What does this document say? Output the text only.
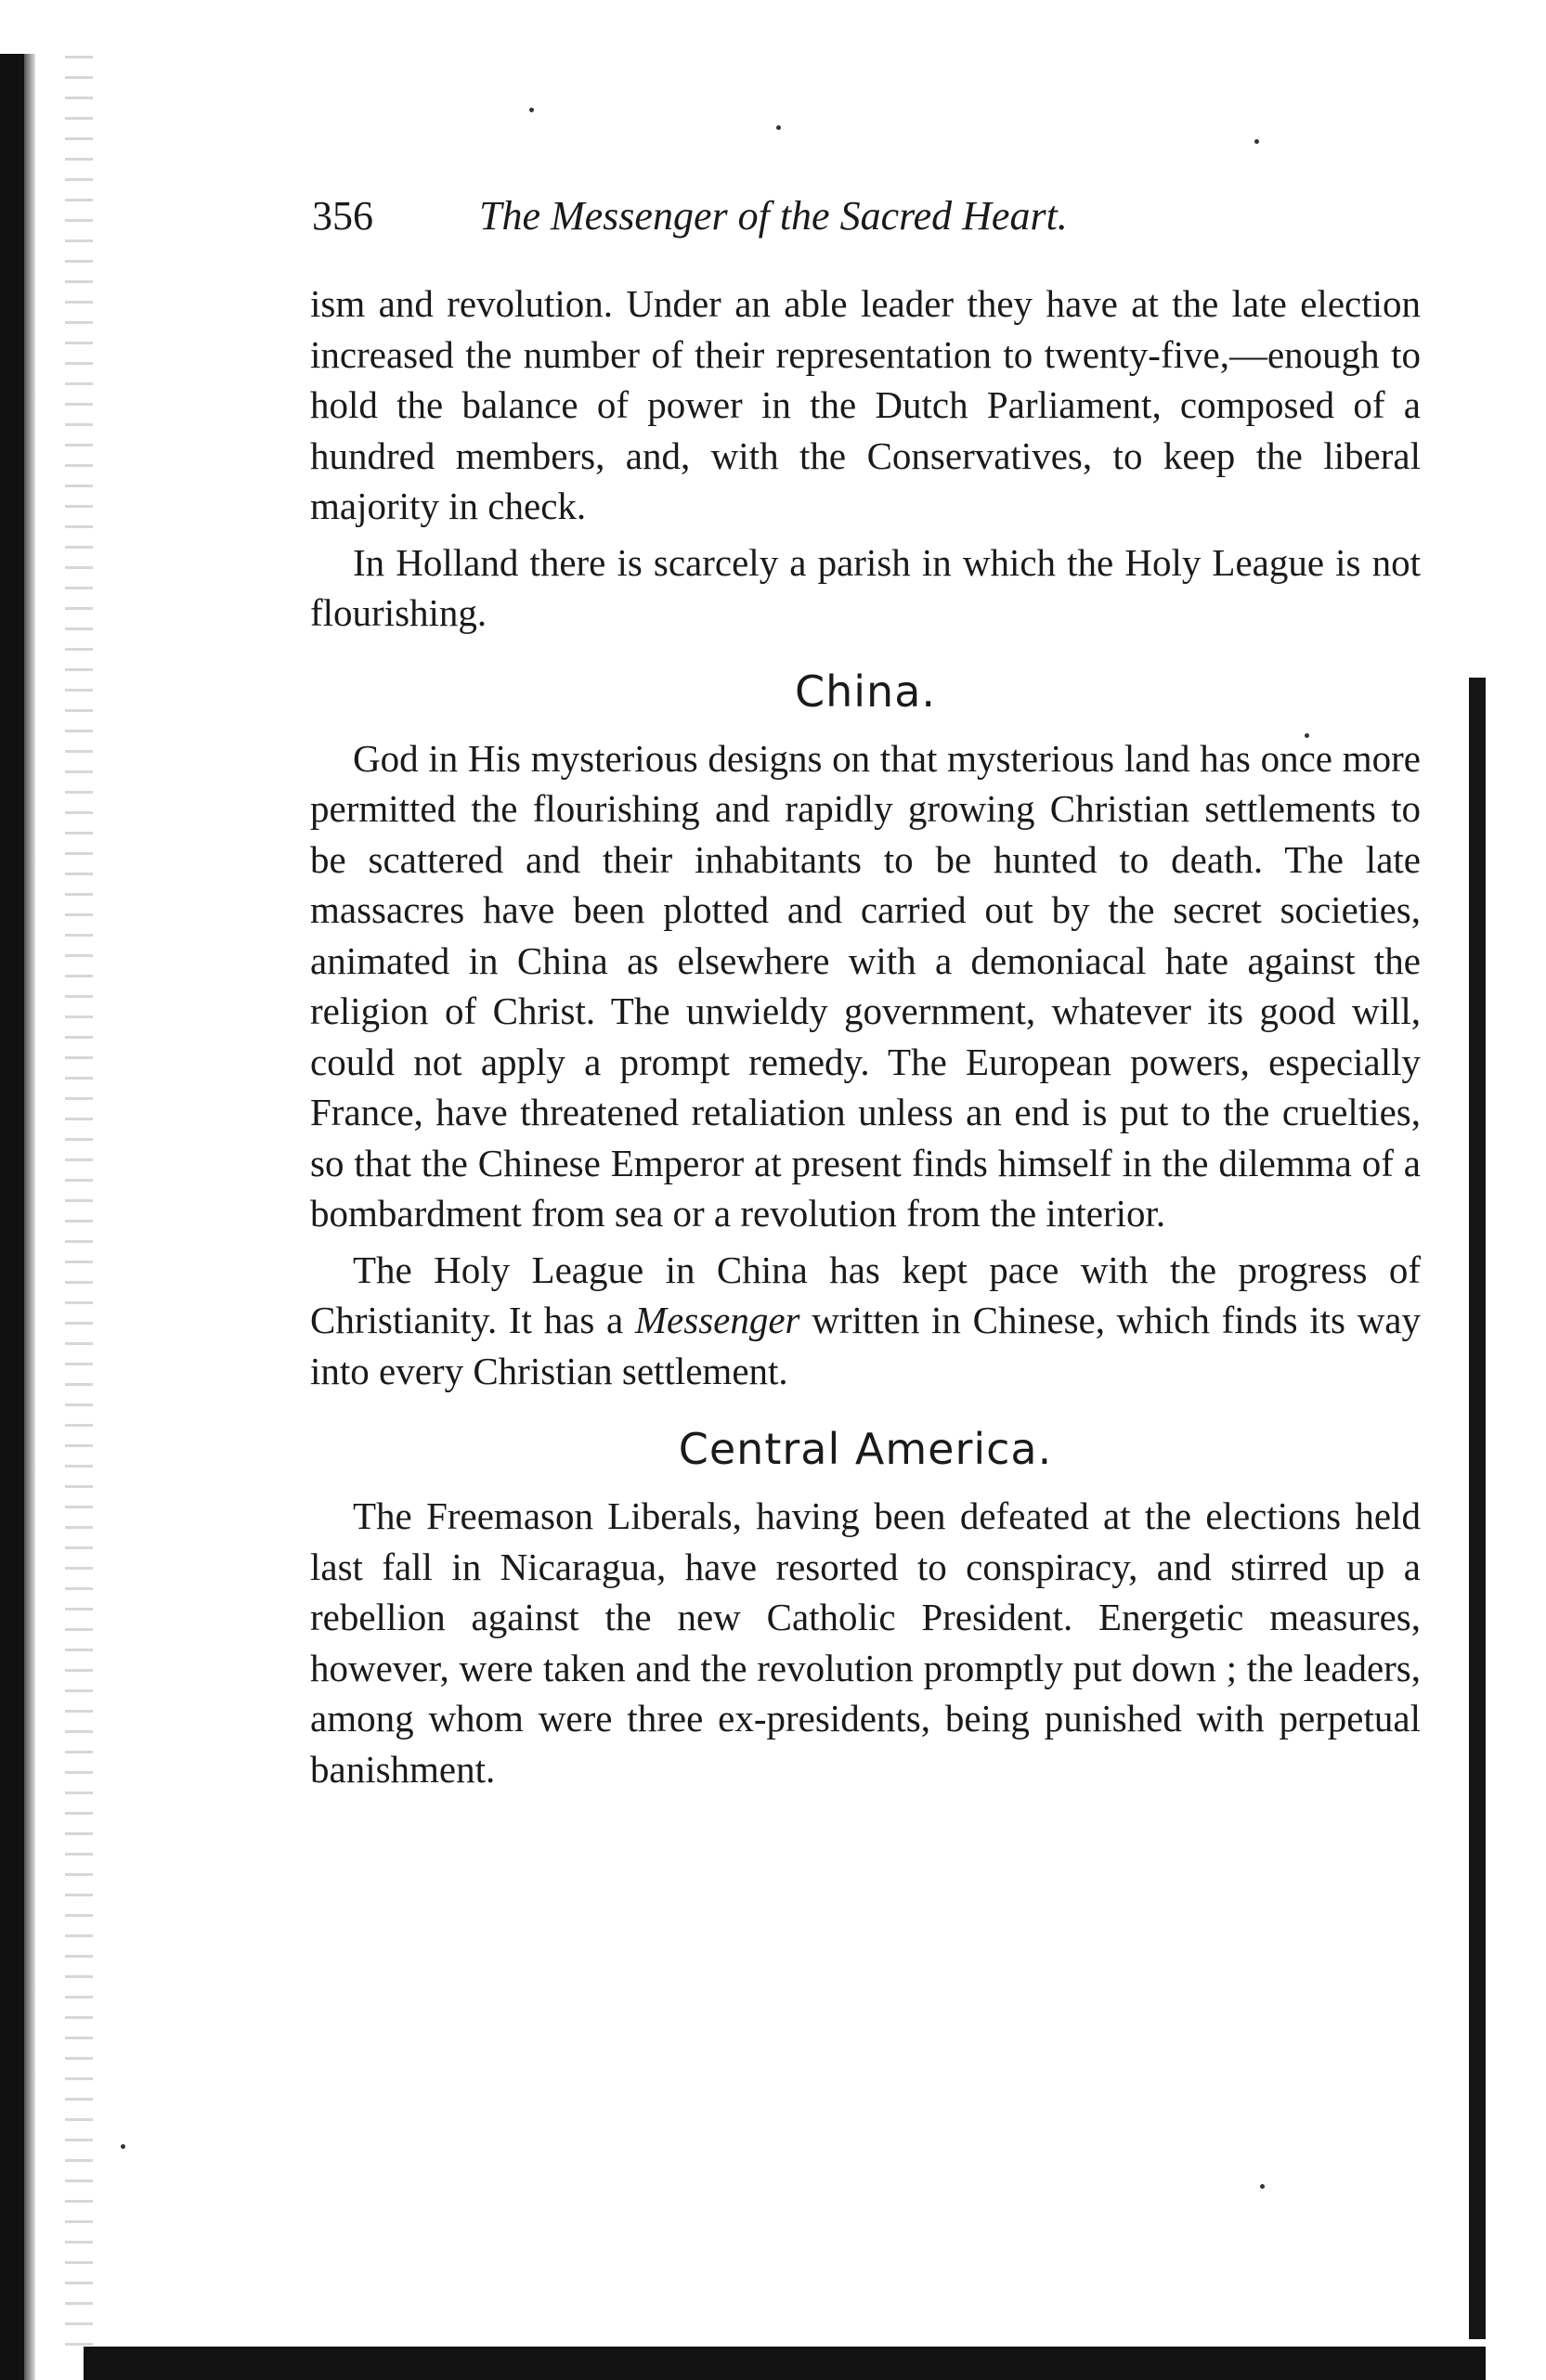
356	The Messenger of the Sacred Heart.

ism and revolution. Under an able leader they have at the late election increased the number of their representation to twenty-five,—enough to hold the balance of power in the Dutch Parliament, composed of a hundred members, and, with the Conservatives, to keep the liberal majority in check.

In Holland there is scarcely a parish in which the Holy League is not flourishing.

China.

God in His mysterious designs on that mysterious land has once more permitted the flourishing and rapidly growing Christian settlements to be scattered and their inhabitants to be hunted to death. The late massacres have been plotted and carried out by the secret societies, animated in China as elsewhere with a demoniacal hate against the religion of Christ. The unwieldy government, whatever its good will, could not apply a prompt remedy. The European powers, especially France, have threatened retaliation unless an end is put to the cruelties, so that the Chinese Emperor at present finds himself in the dilemma of a bombardment from sea or a revolution from the interior.

The Holy League in China has kept pace with the progress of Christianity. It has a Messenger written in Chinese, which finds its way into every Christian settlement.

Central America.

The Freemason Liberals, having been defeated at the elections held last fall in Nicaragua, have resorted to conspiracy, and stirred up a rebellion against the new Catholic President. Energetic measures, however, were taken and the revolution promptly put down ; the leaders, among whom were three ex-presidents, being punished with perpetual banishment.
